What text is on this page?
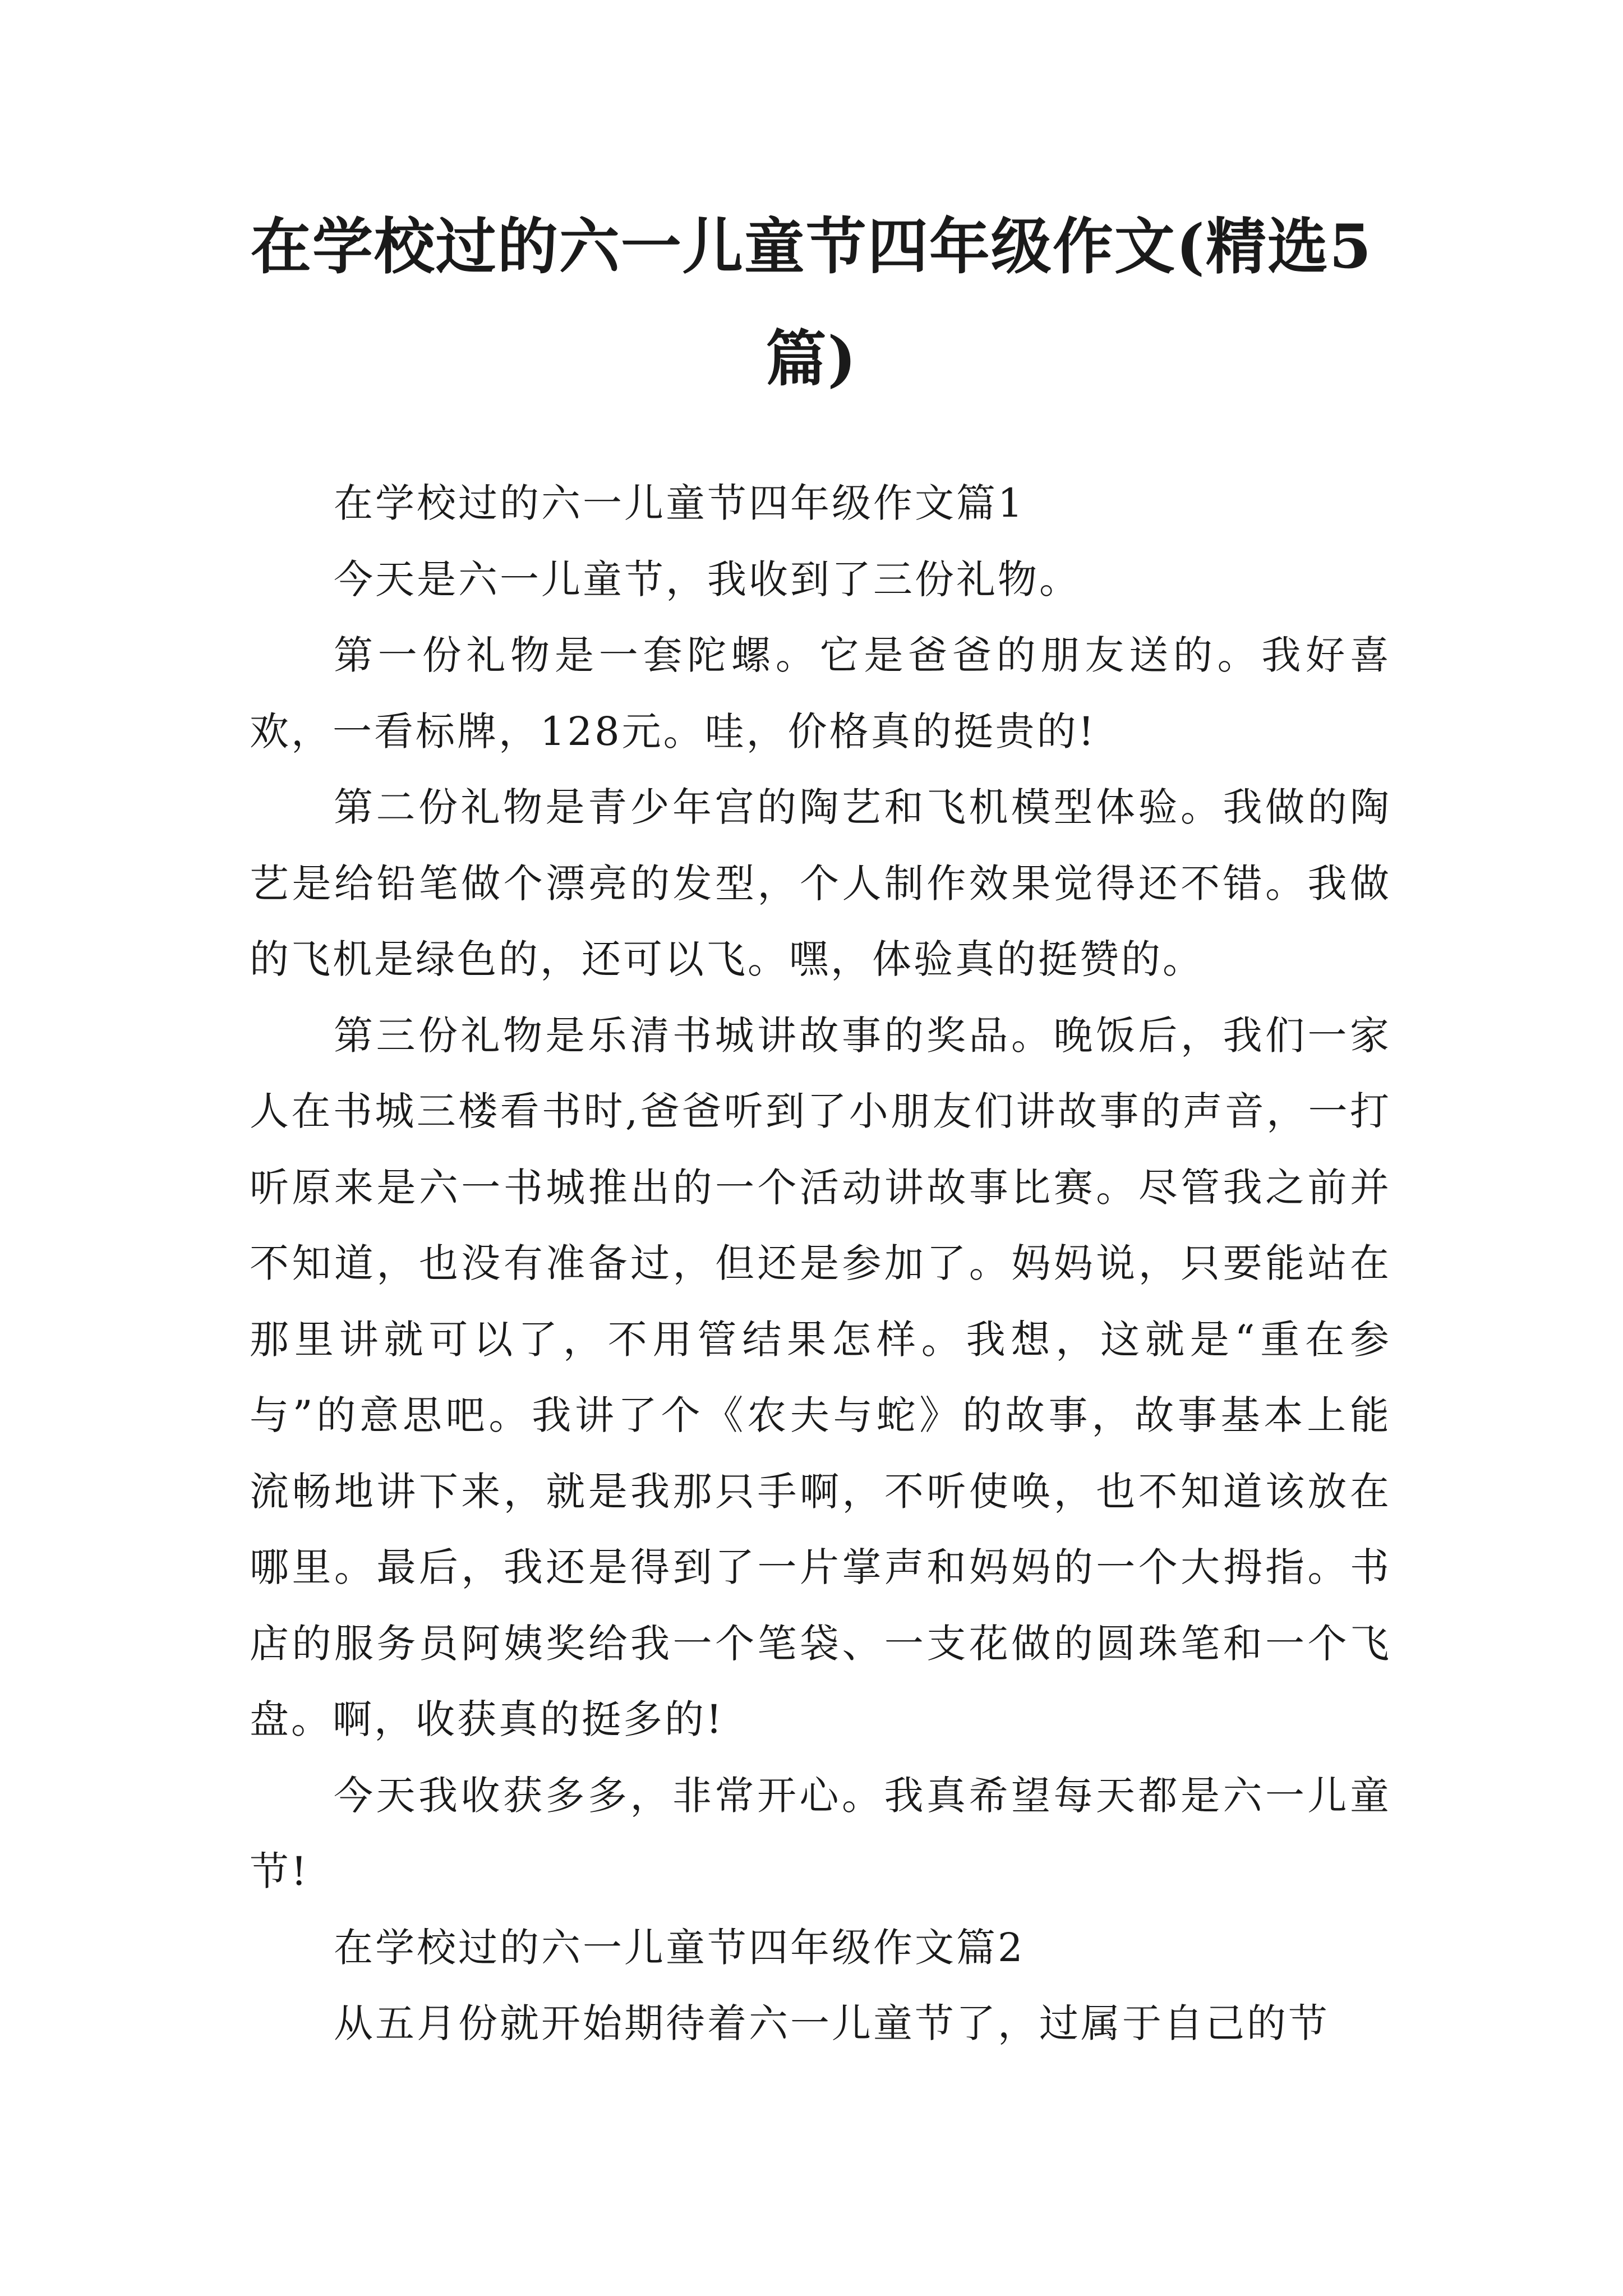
在学校过的六一儿童节四年级作文(精选5篇)

在学校过的六一儿童节四年级作文篇1

今天是六一儿童节，我收到了三份礼物。

第一份礼物是一套陀螺。它是爸爸的朋友送的。我好喜欢，一看标牌，128元。哇，价格真的挺贵的!

第二份礼物是青少年宫的陶艺和飞机模型体验。我做的陶艺是给铅笔做个漂亮的发型，个人制作效果觉得还不错。我做的飞机是绿色的，还可以飞。嘿，体验真的挺赞的。

第三份礼物是乐清书城讲故事的奖品。晚饭后，我们一家人在书城三楼看书时,爸爸听到了小朋友们讲故事的声音，一打听原来是六一书城推出的一个活动讲故事比赛。尽管我之前并不知道，也没有准备过，但还是参加了。妈妈说，只要能站在那里讲就可以了，不用管结果怎样。我想，这就是“重在参与”的意思吧。我讲了个《农夫与蛇》的故事，故事基本上能流畅地讲下来，就是我那只手啊，不听使唤，也不知道该放在哪里。最后，我还是得到了一片掌声和妈妈的一个大拇指。书店的服务员阿姨奖给我一个笔袋、一支花做的圆珠笔和一个飞盘。啊，收获真的挺多的!

今天我收获多多，非常开心。我真希望每天都是六一儿童节!

在学校过的六一儿童节四年级作文篇2

从五月份就开始期待着六一儿童节了，过属于自己的节
